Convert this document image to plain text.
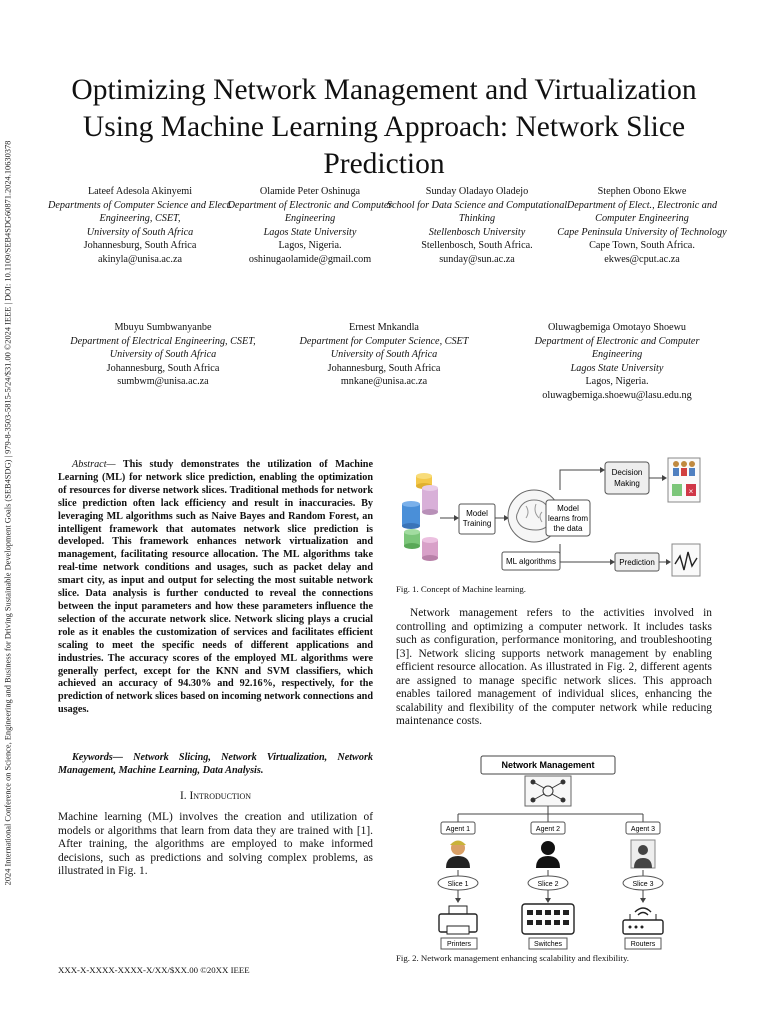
2024 International Conference on Science, Engineering and Business for Driving Sustainable Development Goals (SEB4SDG) | 979-8-3503-5815-5/24/$31.00 ©2024 IEEE | DOI: 10.1109/SEB4SDG60871.2024.10630378
Optimizing Network Management and Virtualization Using Machine Learning Approach: Network Slice Prediction
Lateef Adesola Akinyemi
Departments of Computer Science and Elect. Engineering, CSET,
University of South Africa
Johannesburg, South Africa
akinyla@unisa.ac.za
Olamide Peter Oshinuga
Department of Electronic and Computer Engineering
Lagos State University
Lagos, Nigeria.
oshinugaolamide@gmail.com
Sunday Oladayo Oladejo
School for Data Science and Computational Thinking
Stellenbosch University
Stellenbosch, South Africa.
sunday@sun.ac.za
Stephen Obono Ekwe
Department of Elect., Electronic and Computer Engineering
Cape Peninsula University of Technology
Cape Town, South Africa.
ekwes@cput.ac.za
Mbuyu Sumbwanyanbe
Department of Electrical Engineering, CSET,
University of South Africa
Johannesburg, South Africa
sumbwm@unisa.ac.za
Ernest Mnkandla
Department for Computer Science, CSET
University of South Africa
Johannesburg, South Africa
mnkane@unisa.ac.za
Oluwagbemiga Omotayo Shoewu
Department of Electronic and Computer Engineering
Lagos State University
Lagos, Nigeria.
oluwagbemiga.shoewu@lasu.edu.ng
Abstract— This study demonstrates the utilization of Machine Learning (ML) for network slice prediction, enabling the optimization of resources for diverse network slices. Traditional methods for network slice prediction often lack efficiency and result in inaccuracies. By leveraging ML algorithms such as Naive Bayes and Random Forest, an intelligent framework that automates network slice prediction is developed. This framework enhances network virtualization and management, facilitating resource allocation. The ML algorithms take real-time network conditions and usages, such as packet delay and smart city, as input and output for selecting the most suitable network slice. Data analysis is further conducted to reveal the connections between the input parameters and how these parameters influence the selection of the accurate network slice. Network slicing plays a crucial role as it enables the customization of services and facilitates efficient scaling to meet the specific needs of different applications and industries. The accuracy scores of the employed ML algorithms were generally perfect, except for the KNN and SVM classifiers, which achieved an accuracy of 94.30% and 92.16%, respectively, for the prediction of network slices based on incoming network connections and usages.
Keywords— Network Slicing, Network Virtualization, Network Management, Machine Learning, Data Analysis.
I. Introduction
Machine learning (ML) involves the creation and utilization of models or algorithms that learn from data they are trained with [1]. After training, the algorithms are employed to make informed decisions, such as predictions and solving complex problems, as illustrated in Fig. 1.
XXX-X-XXXX-XXXX-X/XX/$XX.00 ©20XX IEEE
Model
Training
Model
learns from
the data
ML algorithms
Decision
Making
×
Prediction
Fig. 1. Concept of Machine learning.
Network management refers to the activities involved in controlling and optimizing a computer network. It includes tasks such as configuration, performance monitoring, and troubleshooting [3]. Network slicing supports network management by enabling efficient resource allocation. As illustrated in Fig. 2, different agents are assigned to manage specific network slices. This approach enables tailored management of individual slices, enhancing the scalability and flexibility of the computer network while reducing maintenance costs.
Network Management
Agent 1	Agent 2	Agent 3
Slice 1	Slice 2	Slice 3
Printers	Switches	Routers
Fig. 2. Network management enhancing scalability and flexibility.
